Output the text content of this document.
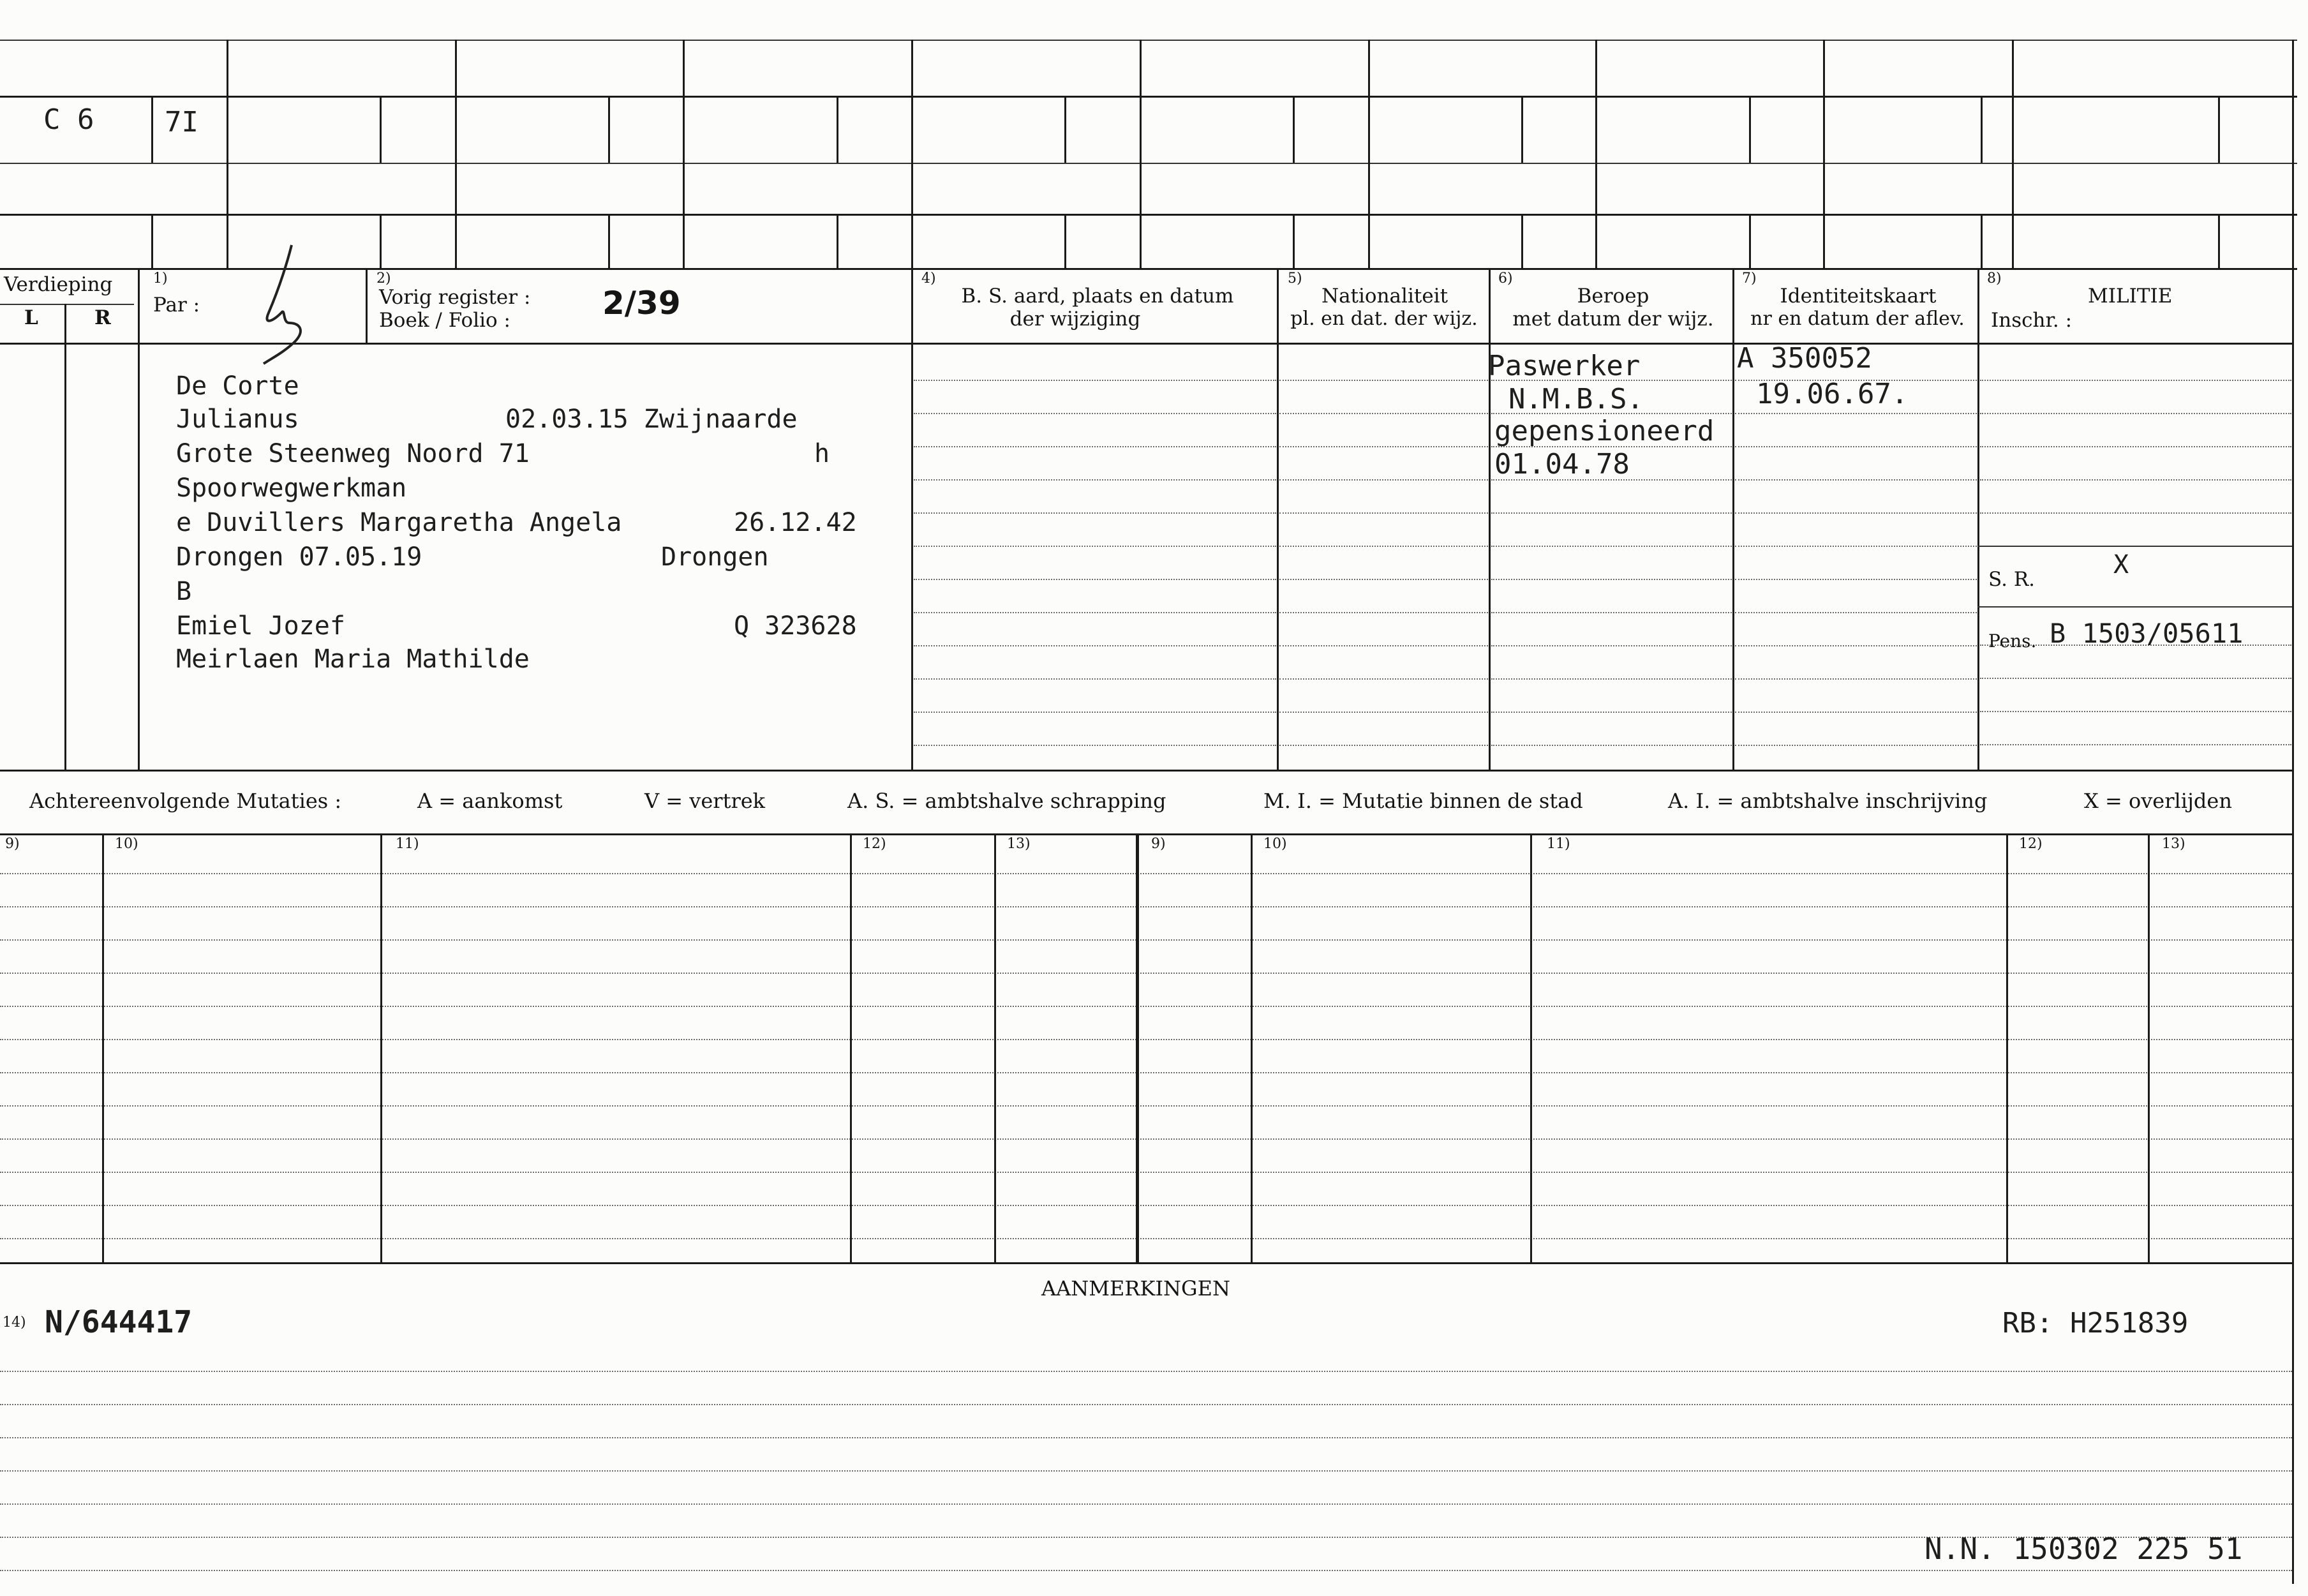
C 6	7I
Verdieping
L	R
1)
Par :
2)
Vorig register :
Boek / Folio :	2/39
4)
B. S. aard, plaats en datum
der wijziging
5)
Nationaliteit
pl. en dat. der wijz.
6)
Beroep
met datum der wijz.
7)
Identiteitskaart
nr en datum der aflev.
8)
MILITIE
Inschr. :
De Corte
Julianus	02.03.15 Zwijnaarde
Grote Steenweg Noord 71	h
Spoorwegwerkman
e Duvillers Margaretha Angela	26.12.42
Drongen 07.05.19	Drongen
B
Emiel Jozef	Q 323628
Meirlaen Maria Mathilde
Paswerker
N.M.B.S.
gepensioneerd
01.04.78
A 350052
19.06.67.
S. R.	X
Pens. B 1503/05611
Achtereenvolgende Mutaties :	A = aankomst	V = vertrek	A. S. = ambtshalve schrapping	M. I. = Mutatie binnen de stad	A. I. = ambtshalve inschrijving	X = overlijden
9)	10)	11)	12)	13)	9)	10)	11)	12)	13)
AANMERKINGEN
14) N/644417	RB: H251839
N.N. 150302 225 51
